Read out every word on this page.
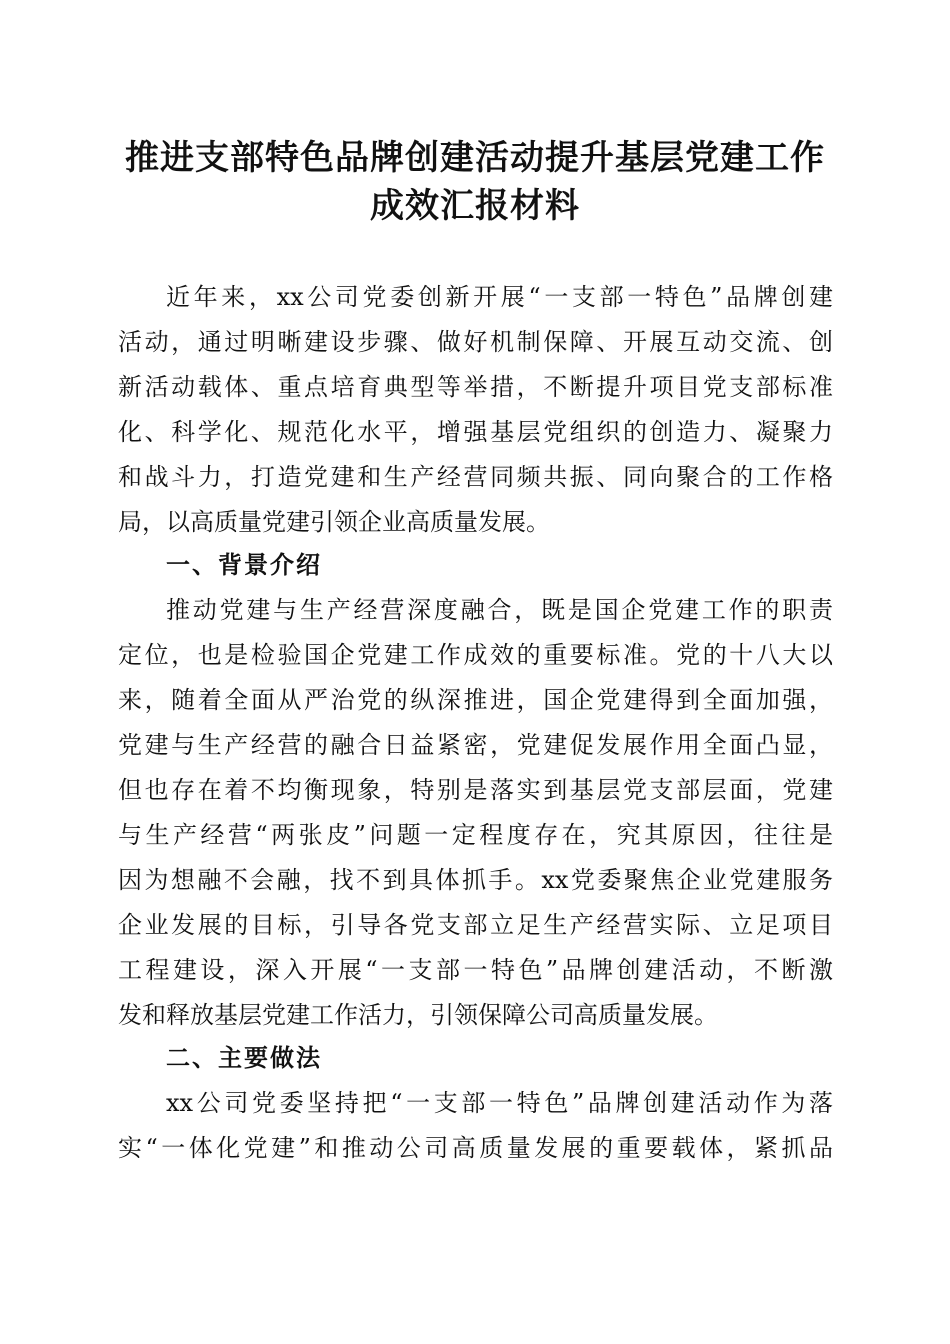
推进支部特色品牌创建活动提升基层党建工作
成效汇报材料
近年来，xx公司党委创新开展“一支部一特色”品牌创建
活动，通过明晰建设步骤、做好机制保障、开展互动交流、创
新活动载体、重点培育典型等举措，不断提升项目党支部标准
化、科学化、规范化水平，增强基层党组织的创造力、凝聚力
和战斗力，打造党建和生产经营同频共振、同向聚合的工作格
局，以高质量党建引领企业高质量发展。
一、背景介绍
推动党建与生产经营深度融合，既是国企党建工作的职责
定位，也是检验国企党建工作成效的重要标准。党的十八大以
来，随着全面从严治党的纵深推进，国企党建得到全面加强，
党建与生产经营的融合日益紧密，党建促发展作用全面凸显，
但也存在着不均衡现象，特别是落实到基层党支部层面，党建
与生产经营“两张皮”问题一定程度存在，究其原因，往往是
因为想融不会融，找不到具体抓手。xx党委聚焦企业党建服务
企业发展的目标，引导各党支部立足生产经营实际、立足项目
工程建设，深入开展“一支部一特色”品牌创建活动，不断激
发和释放基层党建工作活力，引领保障公司高质量发展。
二、主要做法
xx公司党委坚持把“一支部一特色”品牌创建活动作为落
实“一体化党建”和推动公司高质量发展的重要载体，紧抓品
